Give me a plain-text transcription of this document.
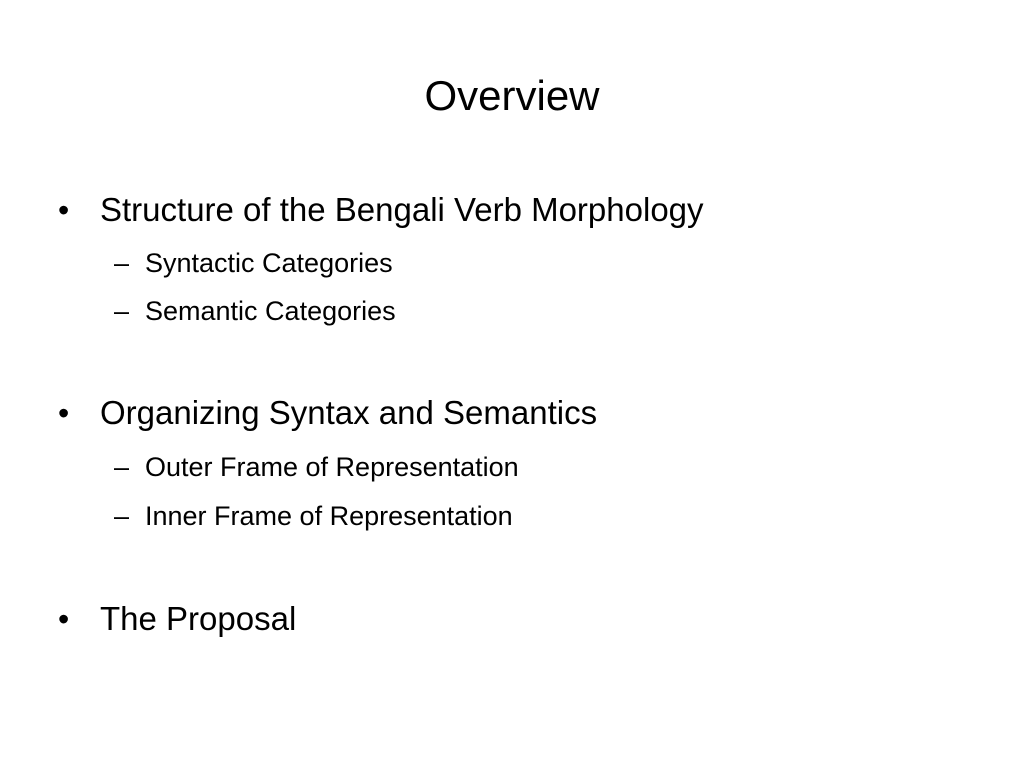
Overview
• Structure of the Bengali Verb Morphology
– Syntactic Categories
– Semantic Categories
• Organizing Syntax and Semantics
– Outer Frame of Representation
– Inner Frame of Representation
• The Proposal
